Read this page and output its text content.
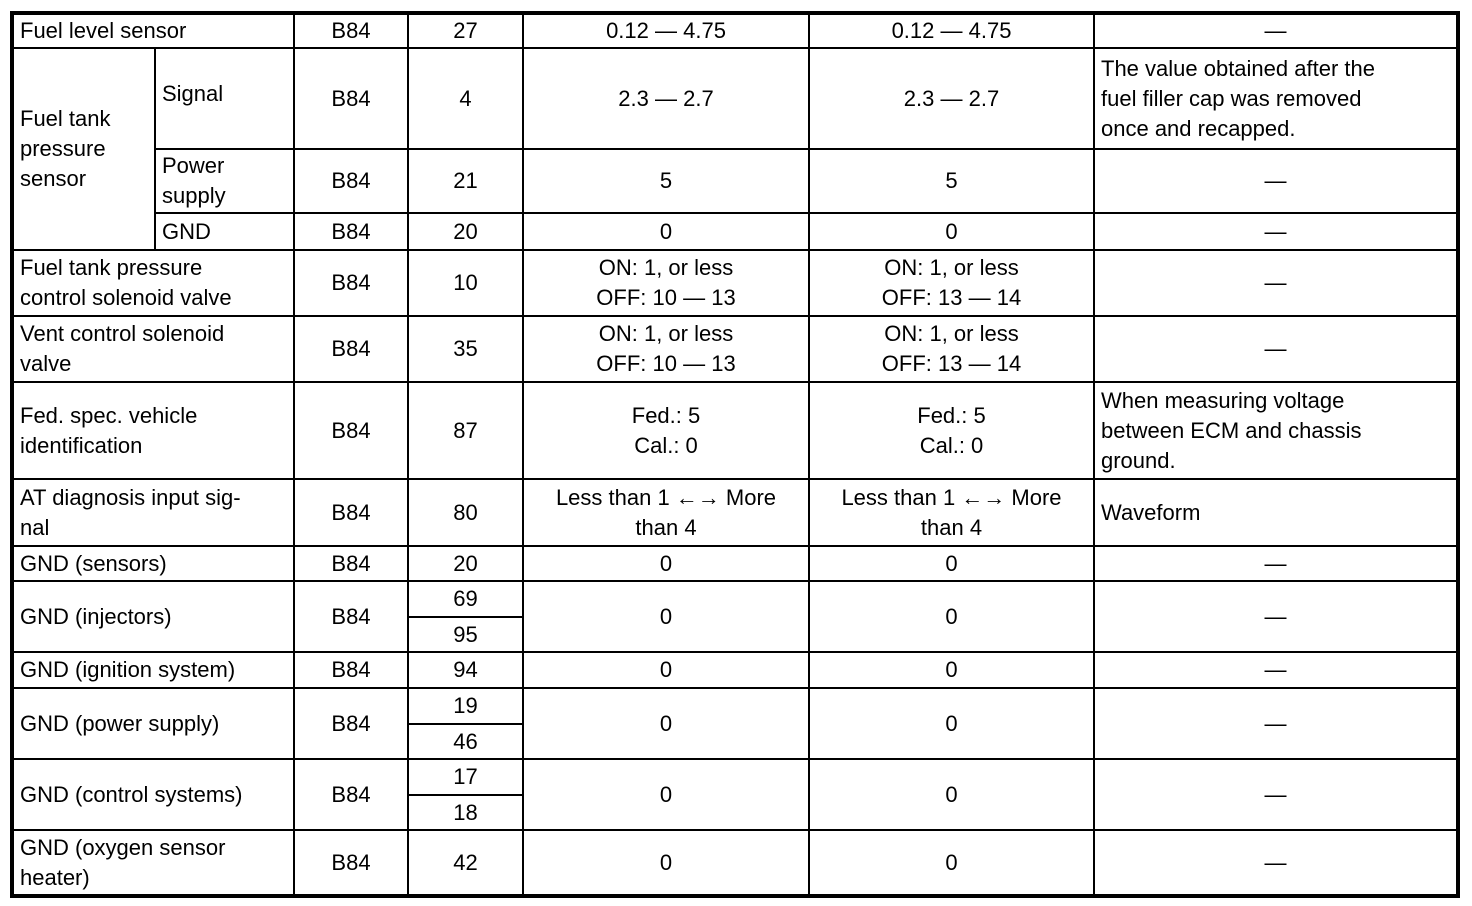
Fuel level sensor		B84	27	0.12 — 4.75	0.12 — 4.75	—
Fuel tank
pressure
sensor	Signal	B84	4	2.3 — 2.7	2.3 — 2.7	The value obtained after the
fuel filler cap was removed
once and recapped.
	Power
supply	B84	21	5	5	—
	GND	B84	20	0	0	—
Fuel tank pressure
control solenoid valve		B84	10	ON: 1, or less
OFF: 10 — 13	ON: 1, or less
OFF: 13 — 14	—
Vent control solenoid
valve		B84	35	ON: 1, or less
OFF: 10 — 13	ON: 1, or less
OFF: 13 — 14	—
Fed. spec. vehicle
identification		B84	87	Fed.: 5
Cal.: 0	Fed.: 5
Cal.: 0	When measuring voltage
between ECM and chassis
ground.
AT diagnosis input sig-
nal		B84	80	Less than 1 ←→ More
than 4	Less than 1 ←→ More
than 4	Waveform
GND (sensors)		B84	20	0	0	—
GND (injectors)		B84	69	0	0	—
			95			
GND (ignition system)		B84	94	0	0	—
GND (power supply)		B84	19	0	0	—
			46			
GND (control systems)		B84	17	0	0	—
			18			
GND (oxygen sensor
heater)		B84	42	0	0	—
